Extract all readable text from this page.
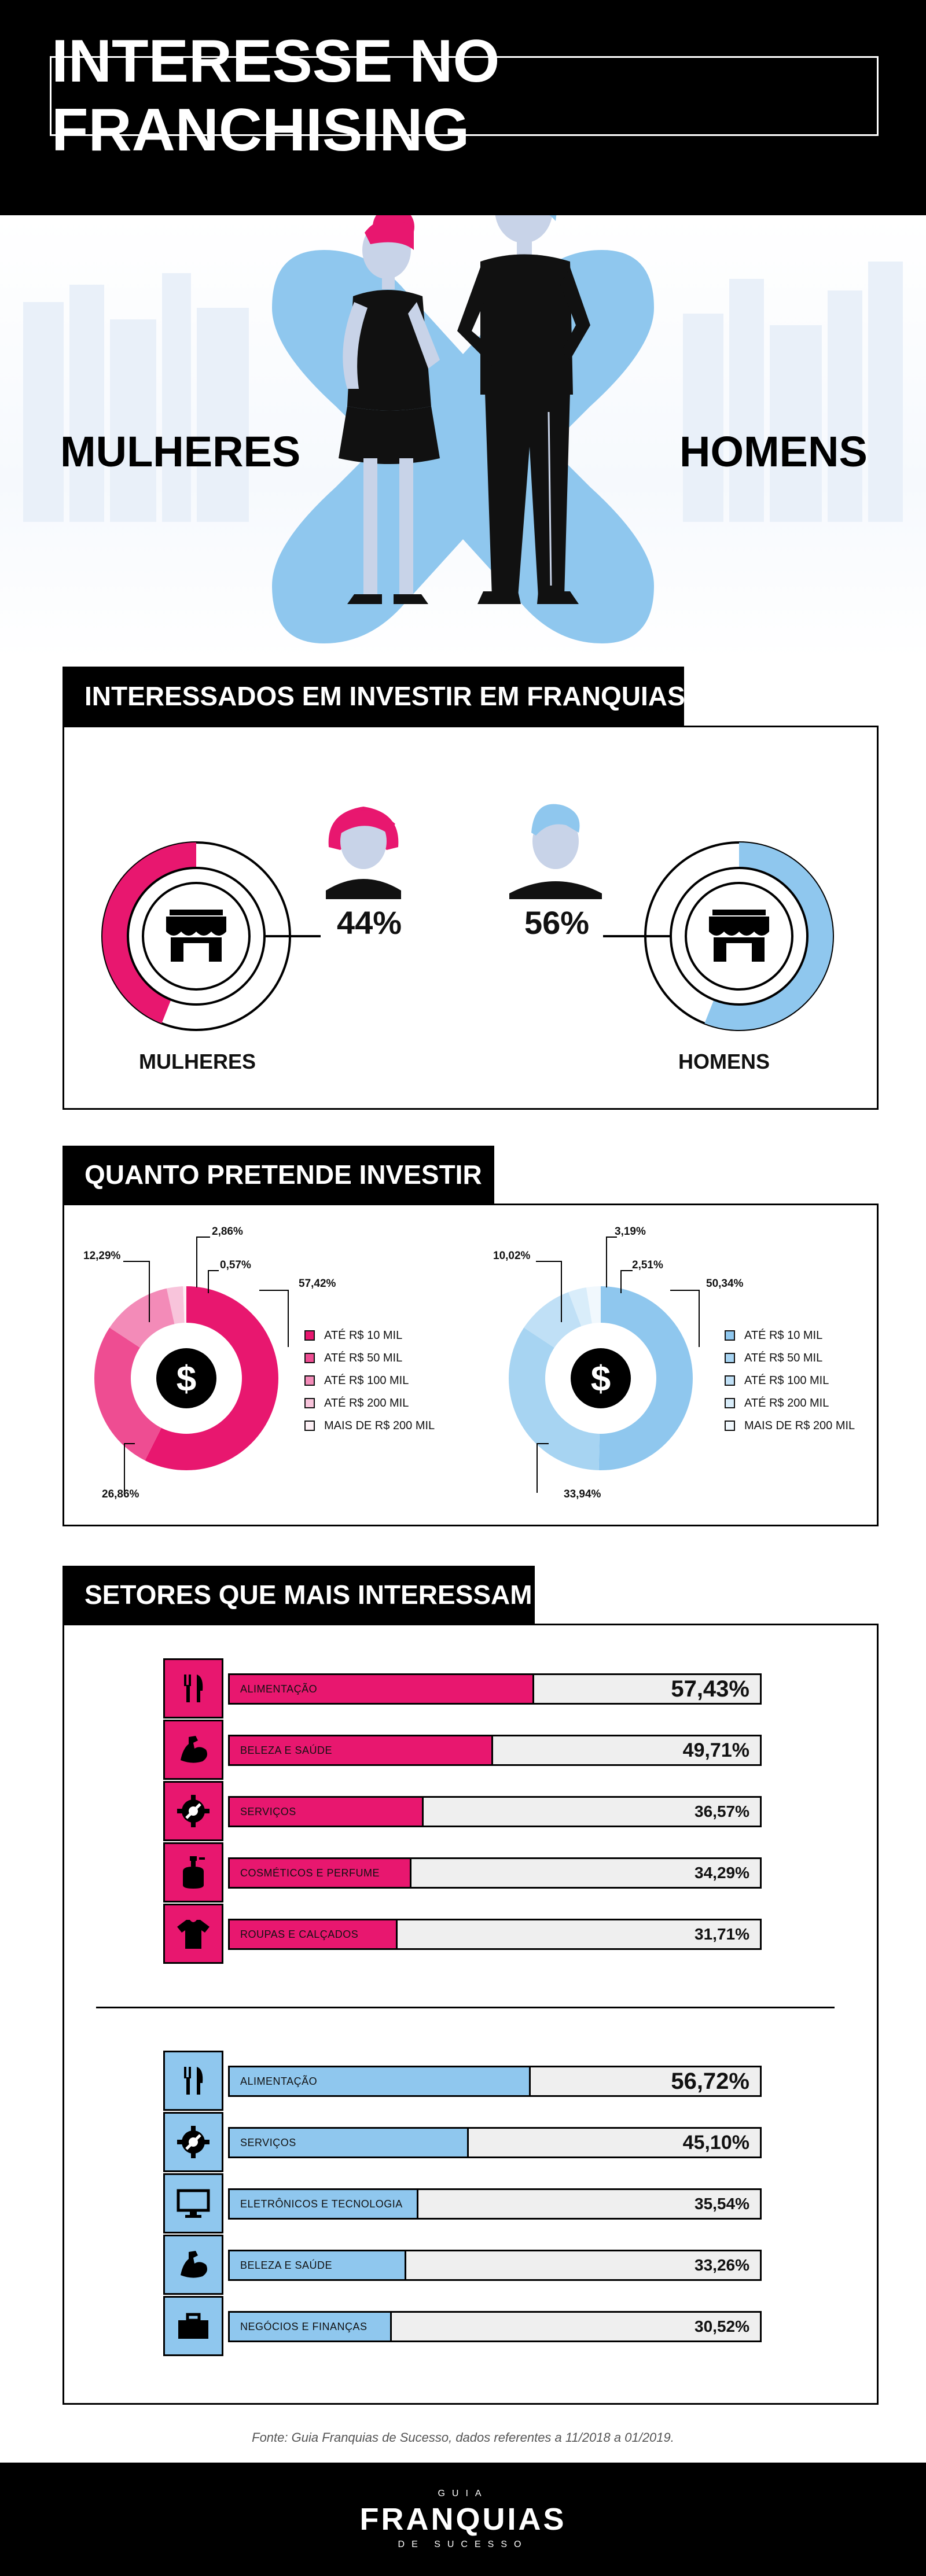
INTERESSE NO FRANCHISING
MULHERES	HOMENS
INTERESSADOS EM INVESTIR EM FRANQUIAS
44%	56%
MULHERES	HOMENS
QUANTO PRETENDE INVESTIR
$	$
57,42%
26,86%
12,29%
2,86%
0,57%
50,34%
33,94%
10,02%
3,19%
2,51%
ATÉ R$ 10 MIL
ATÉ R$ 50 MIL
ATÉ R$ 100 MIL
ATÉ R$ 200 MIL
MAIS DE R$ 200 MIL
ATÉ R$ 10 MIL
ATÉ R$ 50 MIL
ATÉ R$ 100 MIL
ATÉ R$ 200 MIL
MAIS DE R$ 200 MIL
SETORES QUE MAIS INTERESSAM
ALIMENTAÇÃO	57,43%
BELEZA E SAÚDE	49,71%
SERVIÇOS	36,57%
COSMÉTICOS E PERFUME	34,29%
ROUPAS E CALÇADOS	31,71%
ALIMENTAÇÃO	56,72%
SERVIÇOS	45,10%
ELETRÔNICOS E TECNOLOGIA	35,54%
BELEZA E SAÚDE	33,26%
NEGÓCIOS E FINANÇAS	30,52%
Fonte: Guia Franquias de Sucesso, dados referentes a 11/2018 a 01/2019.
GUIA
FRANQUIAS
DE SUCESSO
